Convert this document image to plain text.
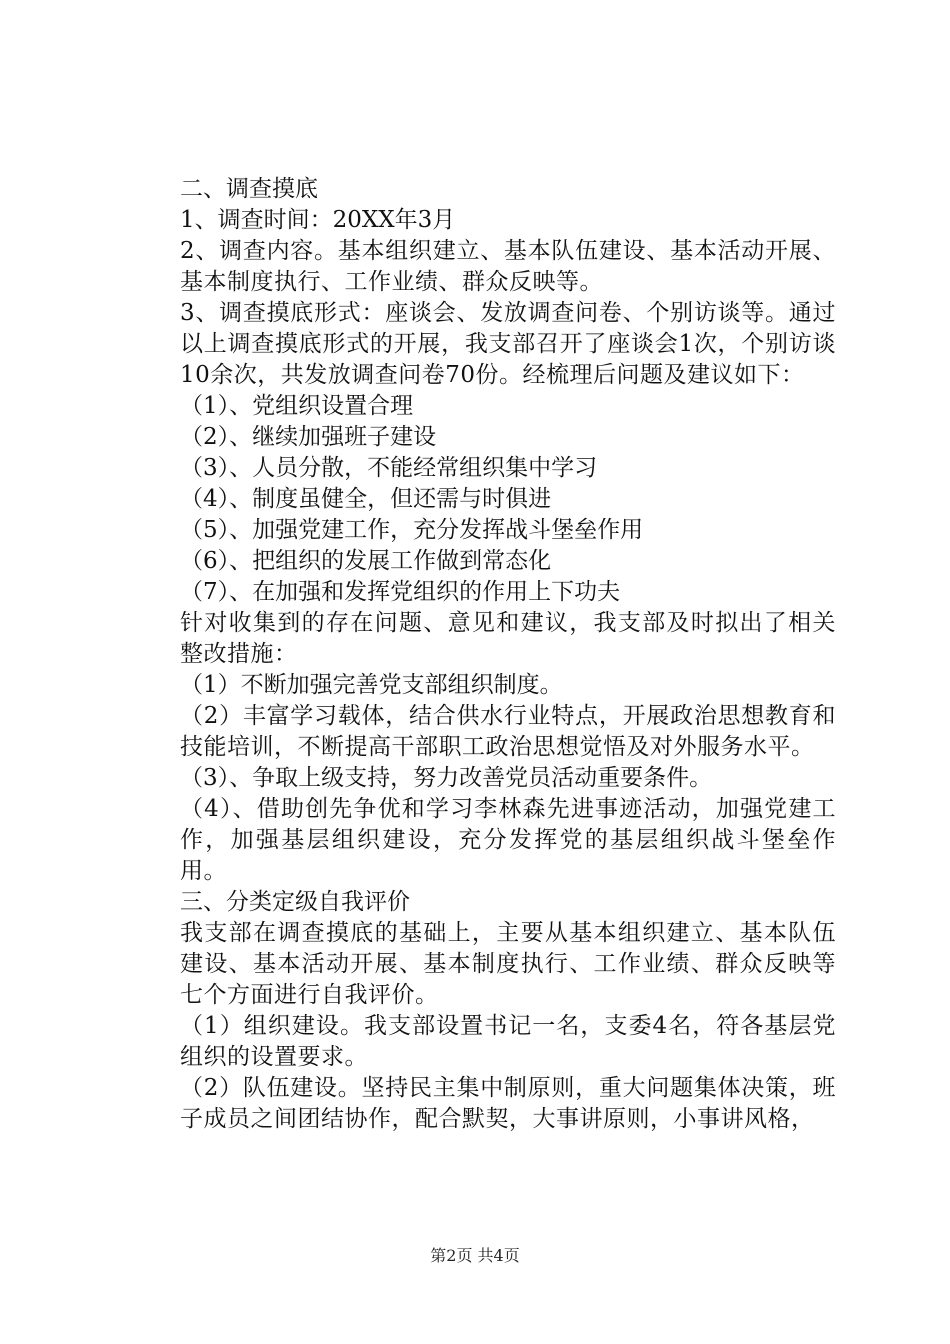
二、调查摸底

1、调查时间：20XX年3月

2、调查内容。基本组织建立、基本队伍建设、基本活动开展、基本制度执行、工作业绩、群众反映等。

3、调查摸底形式：座谈会、发放调查问卷、个别访谈等。通过以上调查摸底形式的开展，我支部召开了座谈会1次，个别访谈10余次，共发放调查问卷70份。经梳理后问题及建议如下：

（1）、党组织设置合理

（2）、继续加强班子建设

（3）、人员分散，不能经常组织集中学习

（4）、制度虽健全，但还需与时俱进

（5）、加强党建工作，充分发挥战斗堡垒作用

（6）、把组织的发展工作做到常态化

（7）、在加强和发挥党组织的作用上下功夫

针对收集到的存在问题、意见和建议，我支部及时拟出了相关整改措施：

（1）不断加强完善党支部组织制度。

（2）丰富学习载体，结合供水行业特点，开展政治思想教育和技能培训，不断提高干部职工政治思想觉悟及对外服务水平。

（3）、争取上级支持，努力改善党员活动重要条件。

（4）、借助创先争优和学习李林森先进事迹活动，加强党建工作，加强基层组织建设，充分发挥党的基层组织战斗堡垒作用。

三、分类定级自我评价

我支部在调查摸底的基础上，主要从基本组织建立、基本队伍建设、基本活动开展、基本制度执行、工作业绩、群众反映等七个方面进行自我评价。

（1）组织建设。我支部设置书记一名，支委4名，符各基层党组织的设置要求。

（2）队伍建设。坚持民主集中制原则，重大问题集体决策，班子成员之间团结协作，配合默契，大事讲原则，小事讲风格，

第2页 共4页
